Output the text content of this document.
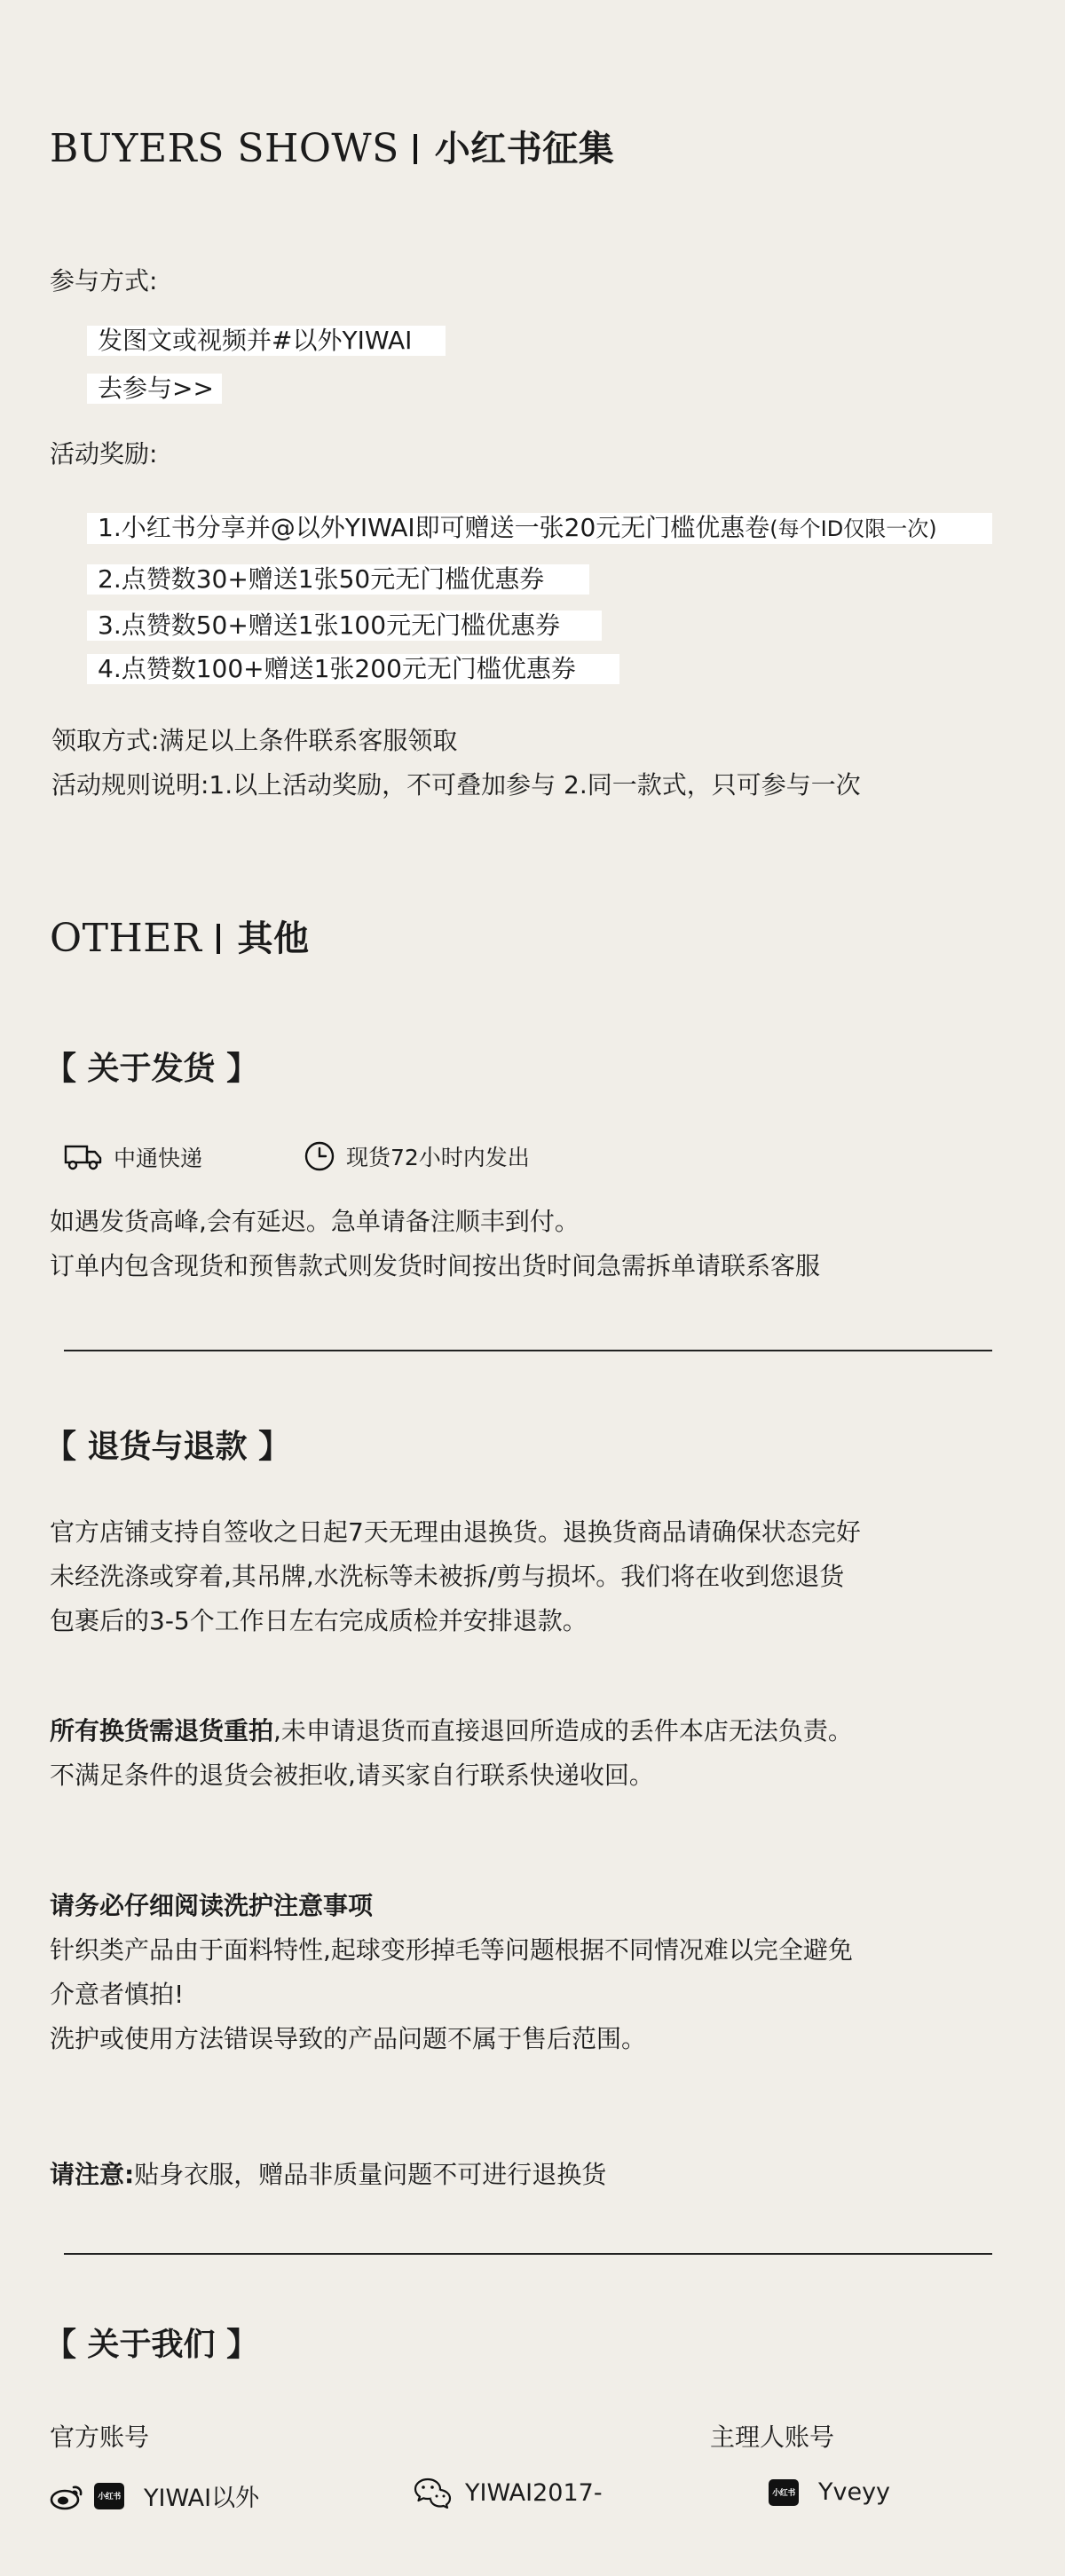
BUYERS SHOWS 小红书征集
参与方式:
发图文或视频并#以外YIWAI
去参与>>
活动奖励:
1.小红书分享并@以外YIWAI即可赠送一张20元无门槛优惠卷(每个ID仅限一次)
2.点赞数30+赠送1张50元无门槛优惠券
3.点赞数50+赠送1张100元无门槛优惠券
4.点赞数100+赠送1张200元无门槛优惠券
领取方式:满足以上条件联系客服领取
活动规则说明:1.以上活动奖励，不可叠加参与 2.同一款式，只可参与一次
OTHER 其他
【 关于发货 】
中通快递	现货72小时内发出
如遇发货高峰,会有延迟。急单请备注顺丰到付。
订单内包含现货和预售款式则发货时间按出货时间急需拆单请联系客服
【 退货与退款 】
官方店铺支持自签收之日起7天无理由退换货。退换货商品请确保状态完好
未经洗涤或穿着,其吊牌,水洗标等未被拆/剪与损坏。我们将在收到您退货
包裹后的3-5个工作日左右完成质检并安排退款。
所有换货需退货重拍,未申请退货而直接退回所造成的丢件本店无法负责。
不满足条件的退货会被拒收,请买家自行联系快递收回。
请务必仔细阅读洗护注意事项
针织类产品由于面料特性,起球变形掉毛等问题根据不同情况难以完全避免
介意者慎拍!
洗护或使用方法错误导致的产品问题不属于售后范围。
请注意:贴身衣服，赠品非质量问题不可进行退换货
【 关于我们 】
官方账号	主理人账号
小红书 YIWAI以外	YIWAI2017-	小红书 Yveyy
